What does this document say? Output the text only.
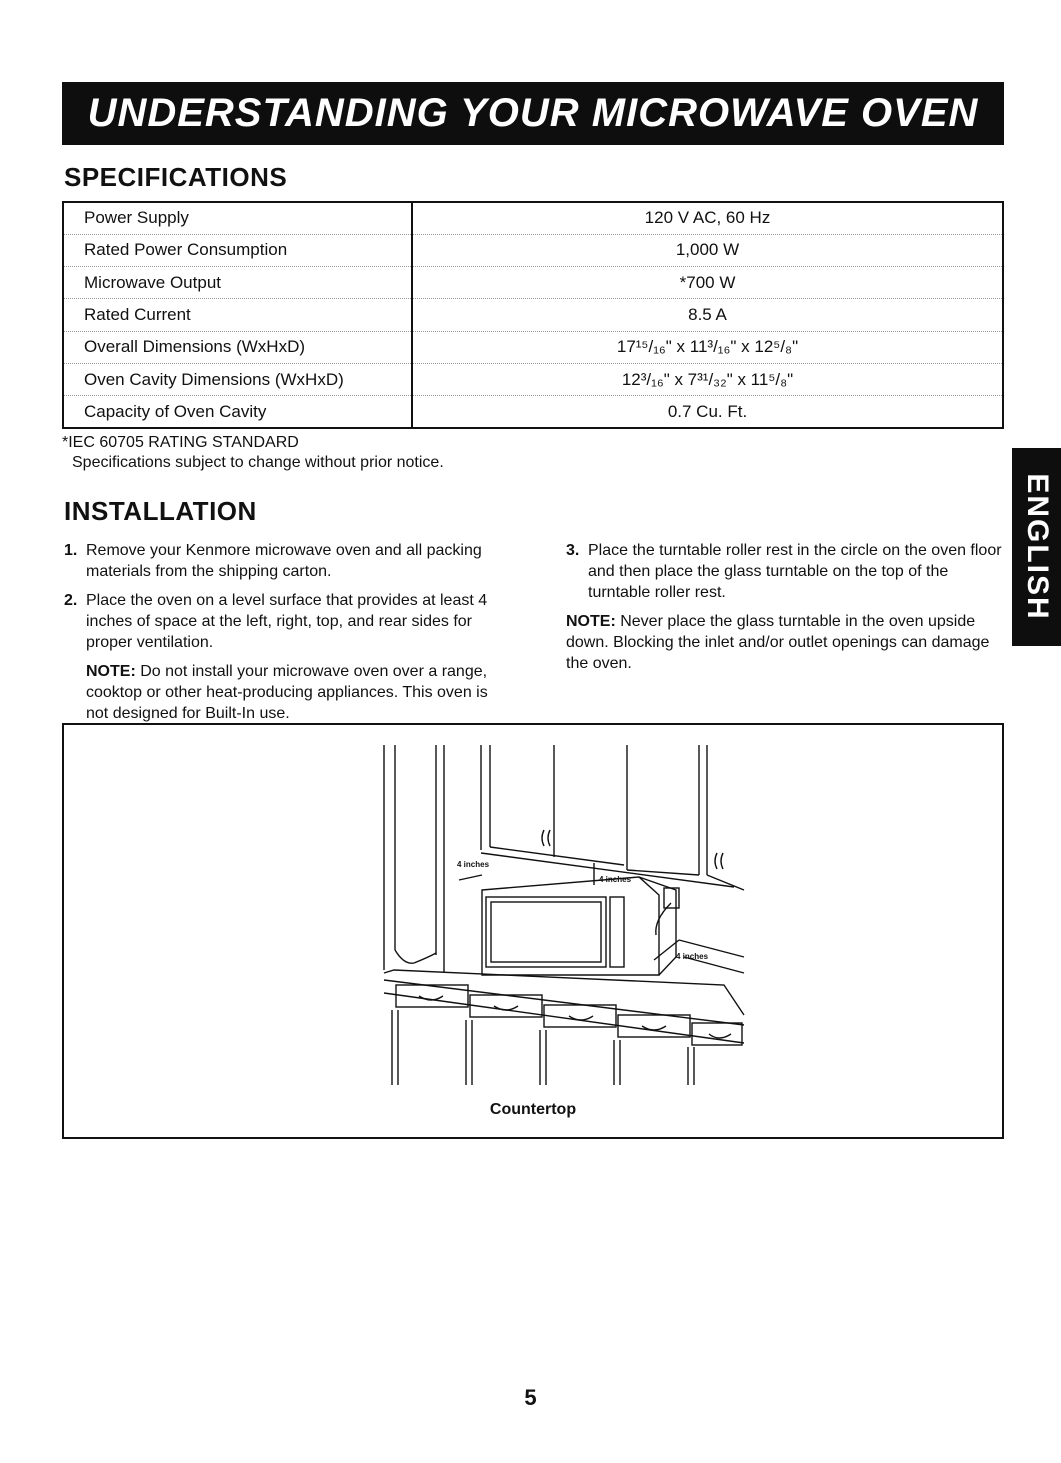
UNDERSTANDING YOUR MICROWAVE OVEN
SPECIFICATIONS
Power Supply	120 V AC, 60 Hz
Rated Power Consumption	1,000 W
Microwave Output	*700 W
Rated Current	8.5 A
Overall Dimensions (WxHxD)	17¹⁵/₁₆" x 11³/₁₆" x 12⁵/₈"
Oven Cavity Dimensions (WxHxD)	12³/₁₆" x 7³¹/₃₂" x 11⁵/₈"
Capacity of Oven Cavity	0.7 Cu. Ft.
*IEC 60705 RATING STANDARD
Specifications subject to change without prior notice.
INSTALLATION
1. Remove your Kenmore microwave oven and all packing materials from the shipping carton.
2. Place the oven on a level surface that provides at least 4 inches of space at the left, right, top, and rear sides for proper ventilation.
NOTE: Do not install your microwave oven over a range, cooktop or other heat-producing appliances. This oven is not designed for Built-In use.
3. Place the turntable roller rest in the circle on the oven floor and then place the glass turntable on the top of the turntable roller rest.
NOTE: Never place the glass turntable in the oven upside down. Blocking the inlet and/or outlet openings can damage the oven.
ENGLISH
4 inches
4 inches
4 inches
Countertop
5
